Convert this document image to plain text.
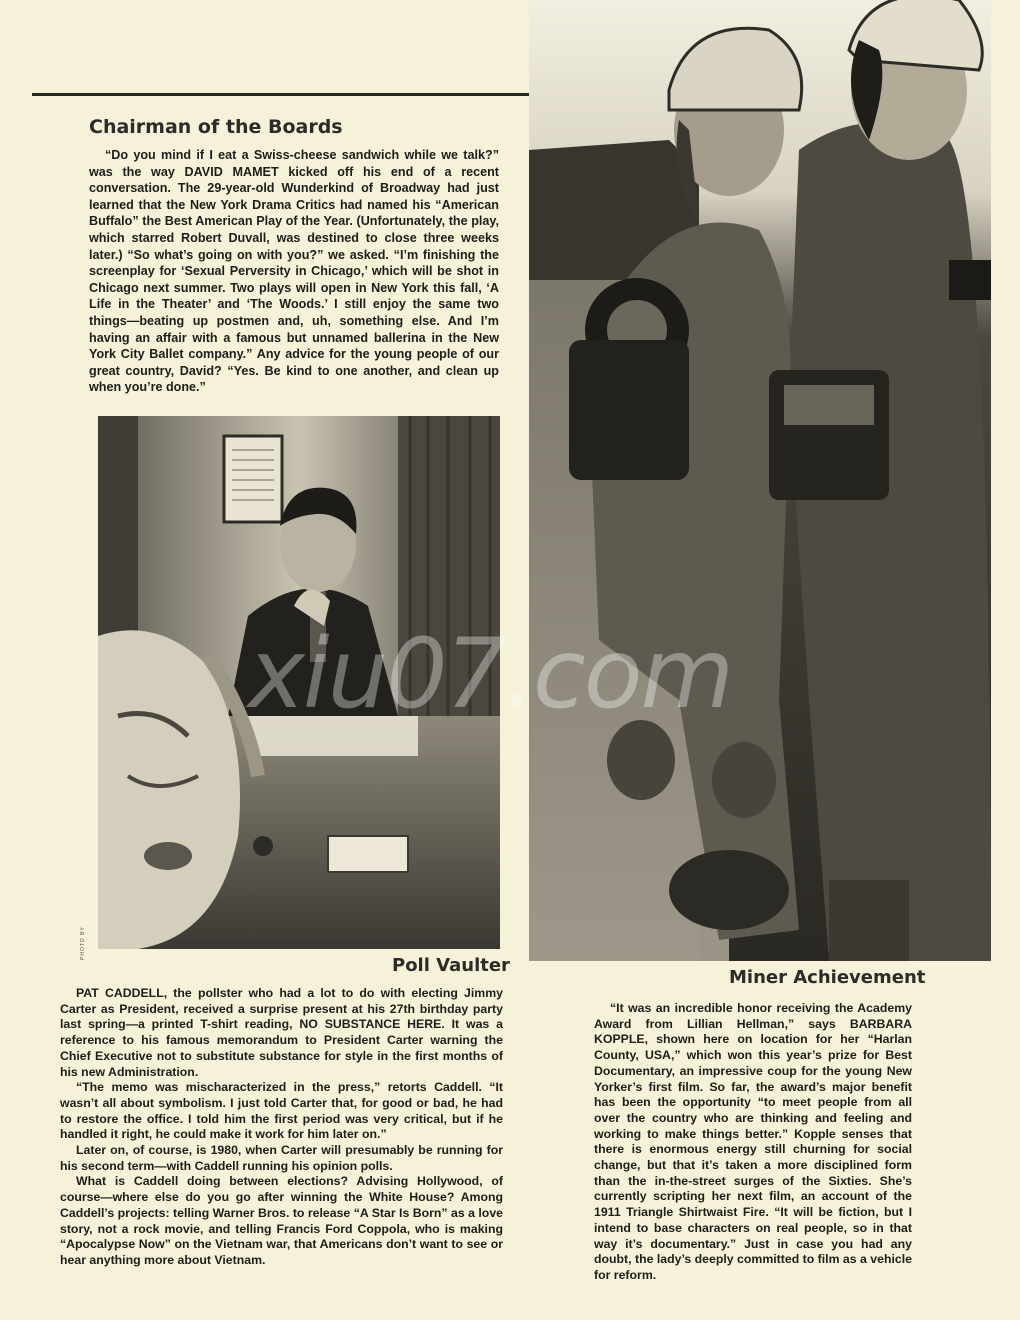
Chairman of the Boards

“Do you mind if I eat a Swiss-cheese sandwich while we talk?” was the way DAVID MAMET kicked off his end of a recent conversation. The 29-year-old Wunderkind of Broadway had just learned that the New York Drama Critics had named his “American Buffalo” the Best American Play of the Year. (Unfortunately, the play, which starred Robert Duvall, was destined to close three weeks later.) “So what’s going on with you?” we asked. “I’m finishing the screenplay for ‘Sexual Perversity in Chicago,’ which will be shot in Chicago next summer. Two plays will open in New York this fall, ‘A Life in the Theater’ and ‘The Woods.’ I still enjoy the same two things—beating up postmen and, uh, something else. And I’m having an affair with a famous but unnamed ballerina in the New York City Ballet company.” Any advice for the young people of our great country, David? “Yes. Be kind to one another, and clean up when you’re done.”

PHOTO BY
Poll Vaulter

PAT CADDELL, the pollster who had a lot to do with electing Jimmy Carter as President, received a surprise present at his 27th birthday party last spring—a printed T-shirt reading, NO SUBSTANCE HERE. It was a reference to his famous memorandum to President Carter warning the Chief Executive not to substitute substance for style in the first months of his new Administration.

“The memo was mischaracterized in the press,” retorts Caddell. “It wasn’t all about symbolism. I just told Carter that, for good or bad, he had to restore the office. I told him the first period was very critical, but if he handled it right, he could make it work for him later on.”

Later on, of course, is 1980, when Carter will presumably be running for his second term—with Caddell running his opinion polls.

What is Caddell doing between elections? Advising Hollywood, of course—where else do you go after winning the White House? Among Caddell’s projects: telling Warner Bros. to release “A Star Is Born” as a love story, not a rock movie, and telling Francis Ford Coppola, who is making “Apocalypse Now” on the Vietnam war, that Americans don’t want to see or hear anything more about Vietnam.

Miner Achievement

“It was an incredible honor receiving the Academy Award from Lillian Hellman,” says BARBARA KOPPLE, shown here on location for her “Harlan County, USA,” which won this year’s prize for Best Documentary, an impressive coup for the young New Yorker’s first film. So far, the award’s major benefit has been the opportunity “to meet people from all over the country who are thinking and feeling and working to make things better.” Kopple senses that there is enormous energy still churning for social change, but that it’s taken a more disciplined form than the in-the-street surges of the Sixties. She’s currently scripting her next film, an account of the 1911 Triangle Shirtwaist Fire. “It will be fiction, but I intend to base characters on real people, so in that way it’s documentary.” Just in case you had any doubt, the lady’s deeply committed to film as a vehicle for reform.

xiu07.com
